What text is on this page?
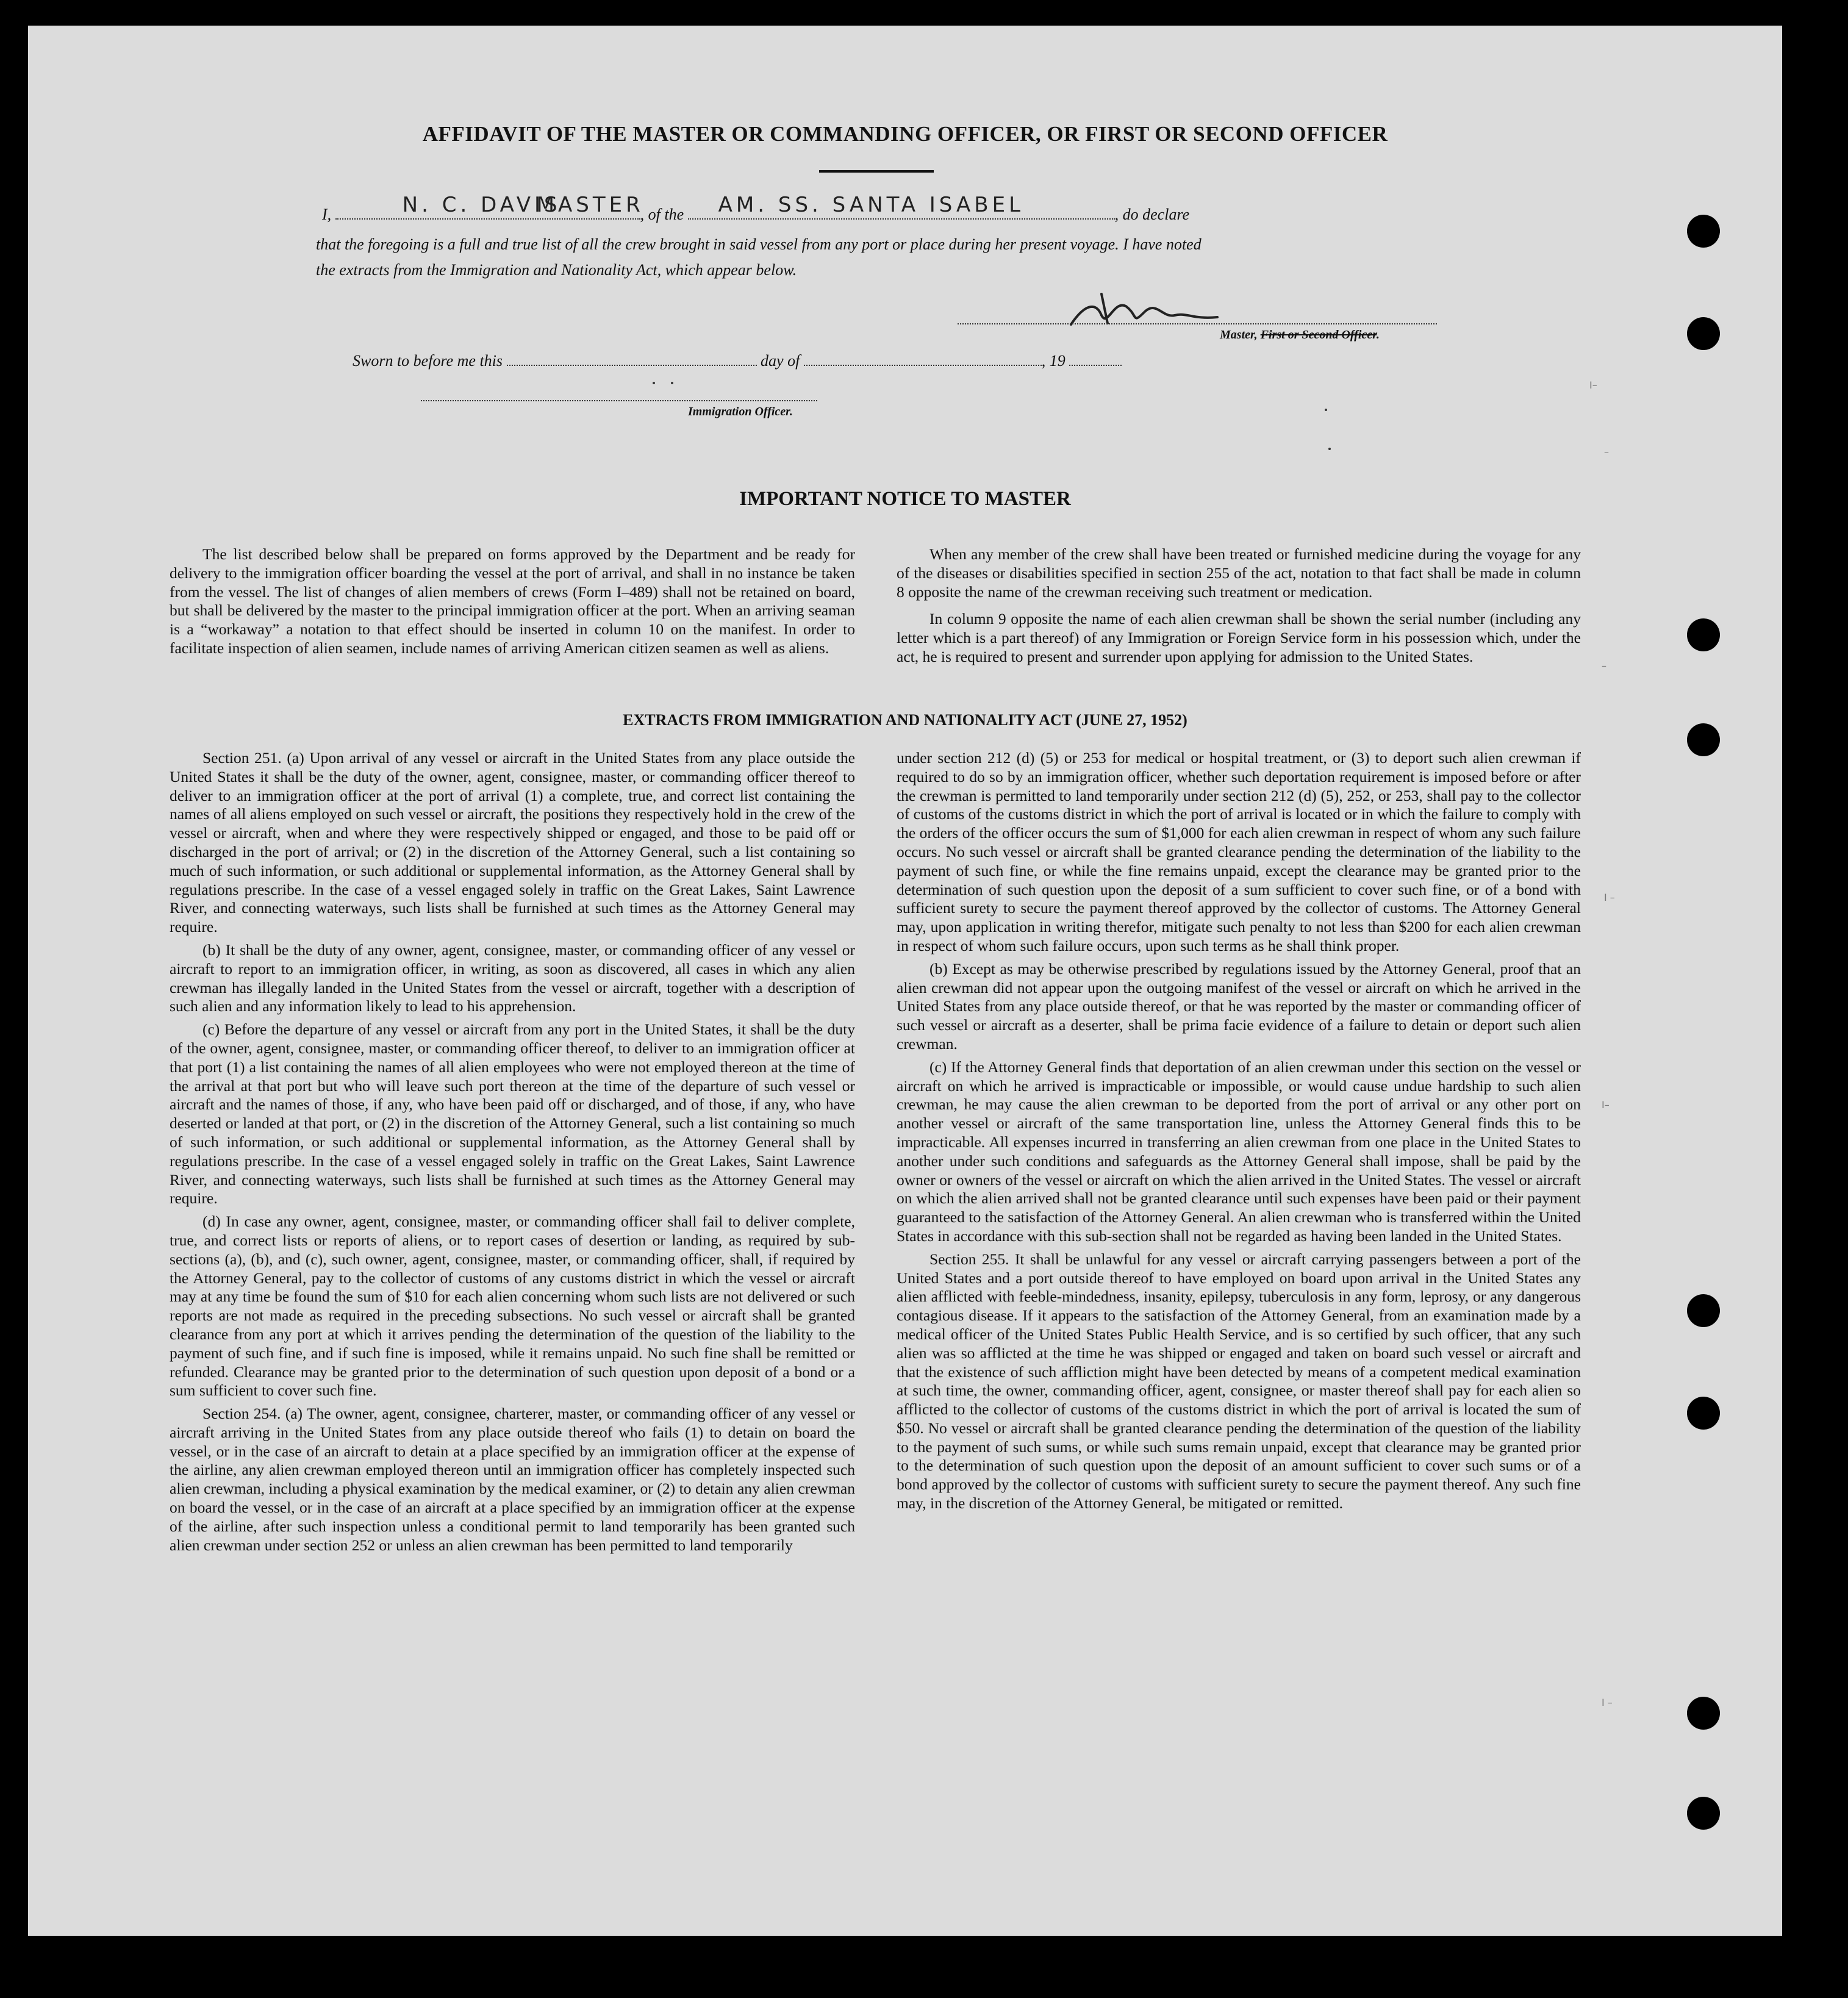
AFFIDAVIT OF THE MASTER OR COMMANDING OFFICER, OR FIRST OR SECOND OFFICER
I,	N. C. DAVIS
MASTER
, of the AM. SS. SANTA ISABEL	, do declare
that the foregoing is a full and true list of all the crew brought in said vessel from any port or place during her present voyage. I have noted
the extracts from the Immigration and Nationality Act, which appear below.
Master, First or Second Officer.
Sworn to before me this	day of	, 19
Immigration Officer.
IMPORTANT NOTICE TO MASTER

The list described below shall be prepared on forms approved by the Department and be ready for delivery to the immigration officer boarding the vessel at the port of arrival, and shall in no instance be taken from the vessel. The list of changes of alien members of crews (Form I–489) shall not be retained on board, but shall be delivered by the master to the principal immigration officer at the port. When an arriving seaman is a “workaway” a notation to that effect should be inserted in column 10 on the manifest. In order to facilitate inspection of alien seamen, include names of arriving American citizen seamen as well as aliens.

When any member of the crew shall have been treated or furnished medicine during the voyage for any of the diseases or disabilities specified in section 255 of the act, notation to that fact shall be made in column 8 opposite the name of the crewman receiving such treatment or medication.

In column 9 opposite the name of each alien crewman shall be shown the serial number (including any letter which is a part thereof) of any Immigration or Foreign Service form in his possession which, under the act, he is required to present and surrender upon applying for admission to the United States.

EXTRACTS FROM IMMIGRATION AND NATIONALITY ACT (JUNE 27, 1952)

Section 251. (a) Upon arrival of any vessel or aircraft in the United States from any place outside the United States it shall be the duty of the owner, agent, consignee, master, or commanding officer thereof to deliver to an immigration officer at the port of arrival (1) a complete, true, and correct list containing the names of all aliens employed on such vessel or aircraft, the positions they respectively hold in the crew of the vessel or aircraft, when and where they were respectively shipped or engaged, and those to be paid off or discharged in the port of arrival; or (2) in the discretion of the Attorney General, such a list containing so much of such information, or such additional or supplemental information, as the Attorney General shall by regulations prescribe. In the case of a vessel engaged solely in traffic on the Great Lakes, Saint Lawrence River, and connecting waterways, such lists shall be furnished at such times as the Attorney General may require.

(b) It shall be the duty of any owner, agent, consignee, master, or commanding officer of any vessel or aircraft to report to an immigration officer, in writing, as soon as discovered, all cases in which any alien crewman has illegally landed in the United States from the vessel or aircraft, together with a description of such alien and any information likely to lead to his apprehension.

(c) Before the departure of any vessel or aircraft from any port in the United States, it shall be the duty of the owner, agent, consignee, master, or commanding officer thereof, to deliver to an immigration officer at that port (1) a list containing the names of all alien employees who were not employed thereon at the time of the arrival at that port but who will leave such port thereon at the time of the departure of such vessel or aircraft and the names of those, if any, who have been paid off or discharged, and of those, if any, who have deserted or landed at that port, or (2) in the discretion of the Attorney General, such a list containing so much of such information, or such additional or supplemental information, as the Attorney General shall by regulations prescribe. In the case of a vessel engaged solely in traffic on the Great Lakes, Saint Lawrence River, and connecting waterways, such lists shall be furnished at such times as the Attorney General may require.

(d) In case any owner, agent, consignee, master, or commanding officer shall fail to deliver complete, true, and correct lists or reports of aliens, or to report cases of desertion or landing, as required by sub-sections (a), (b), and (c), such owner, agent, consignee, master, or commanding officer, shall, if required by the Attorney General, pay to the collector of customs of any customs district in which the vessel or aircraft may at any time be found the sum of $10 for each alien concerning whom such lists are not delivered or such reports are not made as required in the preceding subsections. No such vessel or aircraft shall be granted clearance from any port at which it arrives pending the determination of the question of the liability to the payment of such fine, and if such fine is imposed, while it remains unpaid. No such fine shall be remitted or refunded. Clearance may be granted prior to the determination of such question upon deposit of a bond or a sum sufficient to cover such fine.

Section 254. (a) The owner, agent, consignee, charterer, master, or commanding officer of any vessel or aircraft arriving in the United States from any place outside thereof who fails (1) to detain on board the vessel, or in the case of an aircraft to detain at a place specified by an immigration officer at the expense of the airline, any alien crewman employed thereon until an immigration officer has completely inspected such alien crewman, including a physical examination by the medical examiner, or (2) to detain any alien crewman on board the vessel, or in the case of an aircraft at a place specified by an immigration officer at the expense of the airline, after such inspection unless a conditional permit to land temporarily has been granted such alien crewman under section 252 or unless an alien crewman has been permitted to land temporarily

under section 212 (d) (5) or 253 for medical or hospital treatment, or (3) to deport such alien crewman if required to do so by an immigration officer, whether such deportation requirement is imposed before or after the crewman is permitted to land temporarily under section 212 (d) (5), 252, or 253, shall pay to the collector of customs of the customs district in which the port of arrival is located or in which the failure to comply with the orders of the officer occurs the sum of $1,000 for each alien crewman in respect of whom any such failure occurs. No such vessel or aircraft shall be granted clearance pending the determination of the liability to the payment of such fine, or while the fine remains unpaid, except the clearance may be granted prior to the determination of such question upon the deposit of a sum sufficient to cover such fine, or of a bond with sufficient surety to secure the payment thereof approved by the collector of customs. The Attorney General may, upon application in writing therefor, mitigate such penalty to not less than $200 for each alien crewman in respect of whom such failure occurs, upon such terms as he shall think proper.

(b) Except as may be otherwise prescribed by regulations issued by the Attorney General, proof that an alien crewman did not appear upon the outgoing manifest of the vessel or aircraft on which he arrived in the United States from any place outside thereof, or that he was reported by the master or commanding officer of such vessel or aircraft as a deserter, shall be prima facie evidence of a failure to detain or deport such alien crewman.

(c) If the Attorney General finds that deportation of an alien crewman under this section on the vessel or aircraft on which he arrived is impracticable or impossible, or would cause undue hardship to such alien crewman, he may cause the alien crewman to be deported from the port of arrival or any other port on another vessel or aircraft of the same transportation line, unless the Attorney General finds this to be impracticable. All expenses incurred in transferring an alien crewman from one place in the United States to another under such conditions and safeguards as the Attorney General shall impose, shall be paid by the owner or owners of the vessel or aircraft on which the alien arrived in the United States. The vessel or aircraft on which the alien arrived shall not be granted clearance until such expenses have been paid or their payment guaranteed to the satisfaction of the Attorney General. An alien crewman who is transferred within the United States in accordance with this sub-section shall not be regarded as having been landed in the United States.

Section 255. It shall be unlawful for any vessel or aircraft carrying passengers between a port of the United States and a port outside thereof to have employed on board upon arrival in the United States any alien afflicted with feeble-mindedness, insanity, epilepsy, tuberculosis in any form, leprosy, or any dangerous contagious disease. If it appears to the satisfaction of the Attorney General, from an examination made by a medical officer of the United States Public Health Service, and is so certified by such officer, that any such alien was so afflicted at the time he was shipped or engaged and taken on board such vessel or aircraft and that the existence of such affliction might have been detected by means of a competent medical examination at such time, the owner, commanding officer, agent, consignee, or master thereof shall pay for each alien so afflicted to the collector of customs of the customs district in which the port of arrival is located the sum of $50. No vessel or aircraft shall be granted clearance pending the determination of the question of the liability to the payment of such sums, or while such sums remain unpaid, except that clearance may be granted prior to the determination of such question upon the deposit of an amount sufficient to cover such sums or of a bond approved by the collector of customs with sufficient surety to secure the payment thereof. Any such fine may, in the discretion of the Attorney General, be mitigated or remitted.

I–
–
–
I –
I–
I –
